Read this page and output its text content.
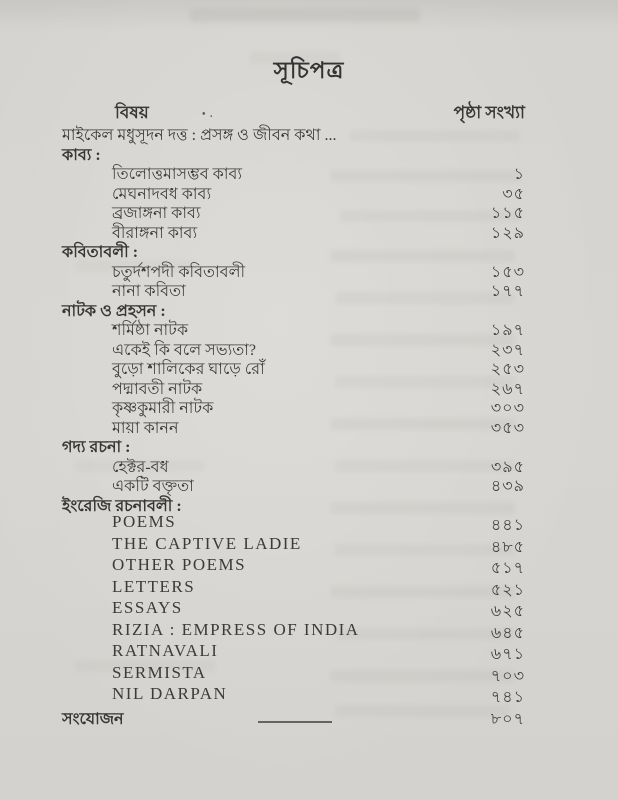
সূচিপত্র
বিষয়	• .	পৃষ্ঠা সংখ্যা
মাইকেল মধুসূদন দত্ত : প্রসঙ্গ ও জীবন কথা ...
কাব্য :
তিলোত্তমাসম্ভব কাব্য	১
মেঘনাদবধ কাব্য	৩৫
ব্রজাঙ্গনা কাব্য	১১৫
বীরাঙ্গনা কাব্য	১২৯
কবিতাবলী :
চতুর্দশপদী কবিতাবলী	১৫৩
নানা কবিতা	১৭৭
নাটক ও প্রহসন :
শর্মিষ্ঠা নাটক	১৯৭
একেই কি বলে সভ্যতা?	২৩৭
বুড়ো শালিকের ঘাড়ে রোঁ	২৫৩
পদ্মাবতী নাটক	২৬৭
কৃষ্ণকুমারী নাটক	৩০৩
মায়া কানন	৩৫৩
গদ্য রচনা :
হেক্টর-বধ	৩৯৫
একটি বক্তৃতা	৪৩৯
ইংরেজি রচনাবলী :
POEMS	৪৪১
THE CAPTIVE LADIE	৪৮৫
OTHER POEMS	৫১৭
LETTERS	৫২১
ESSAYS	৬২৫
RIZIA : EMPRESS OF INDIA	৬৪৫
RATNAVALI	৬৭১
SERMISTA	৭০৩
NIL DARPAN	৭৪১
সংযোজন	৮০৭
